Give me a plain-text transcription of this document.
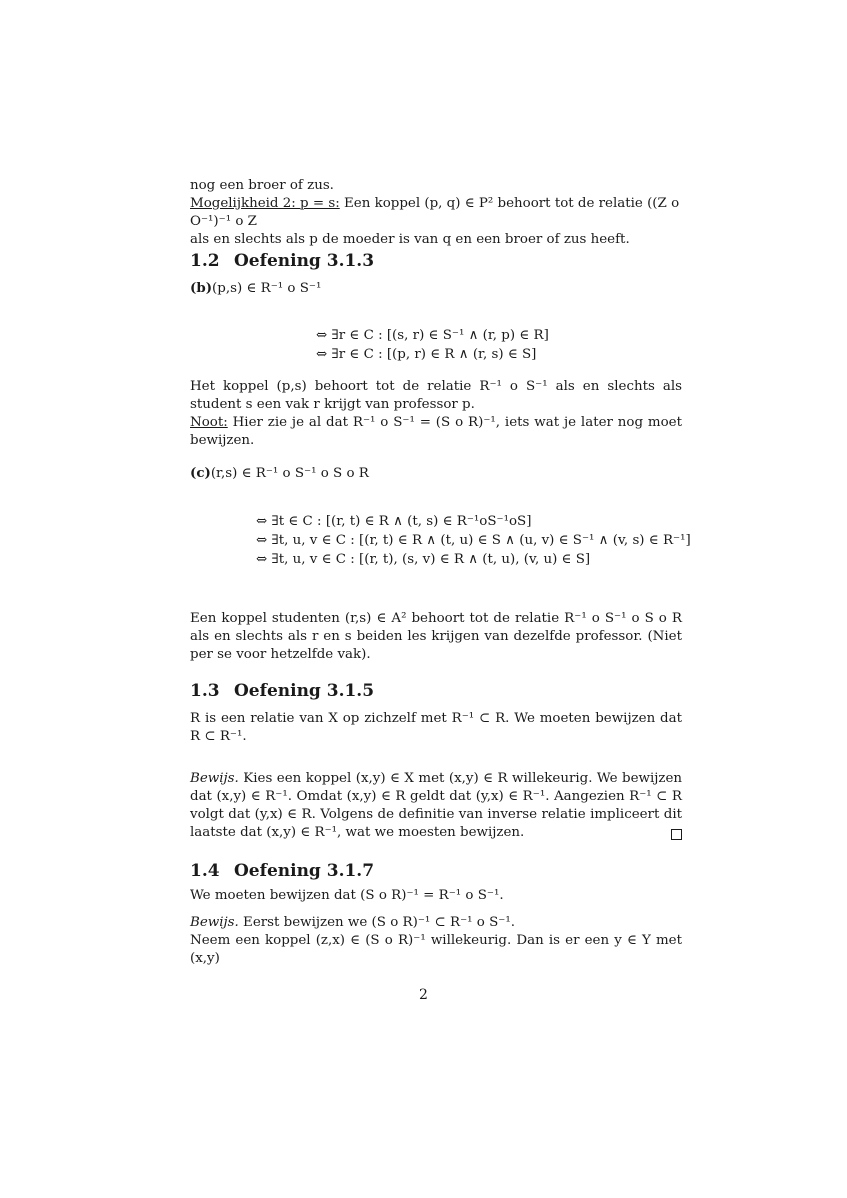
nog een broer of zus.

Mogelijkheid 2: p = s: Een koppel (p, q) ∈ P² behoort tot de relatie ((Z o O⁻¹)⁻¹ o Z

als en slechts als p de moeder is van q en een broer of zus heeft.

1.2 Oefening 3.1.3

(b)(p,s) ∈ R⁻¹ o S⁻¹

⇔ ∃r ∈ C : [(s, r) ∈ S⁻¹ ∧ (r, p) ∈ R]
⇔ ∃r ∈ C : [(p, r) ∈ R ∧ (r, s) ∈ S]

Het koppel (p,s) behoort tot de relatie R⁻¹ o S⁻¹ als en slechts als student s een vak r krijgt van professor p.

Noot: Hier zie je al dat R⁻¹ o S⁻¹ = (S o R)⁻¹, iets wat je later nog moet bewijzen.

(c)(r,s) ∈ R⁻¹ o S⁻¹ o S o R

⇔ ∃t ∈ C : [(r, t) ∈ R ∧ (t, s) ∈ R⁻¹oS⁻¹oS]
⇔ ∃t, u, v ∈ C : [(r, t) ∈ R ∧ (t, u) ∈ S ∧ (u, v) ∈ S⁻¹ ∧ (v, s) ∈ R⁻¹]
⇔ ∃t, u, v ∈ C : [(r, t), (s, v) ∈ R ∧ (t, u), (v, u) ∈ S]

Een koppel studenten (r,s) ∈ A² behoort tot de relatie R⁻¹ o S⁻¹ o S o R als en slechts als r en s beiden les krijgen van dezelfde professor. (Niet per se voor hetzelfde vak).

1.3 Oefening 3.1.5

R is een relatie van X op zichzelf met R⁻¹ ⊂ R. We moeten bewijzen dat R ⊂ R⁻¹.

Bewijs. Kies een koppel (x,y) ∈ X met (x,y) ∈ R willekeurig. We bewijzen dat (x,y) ∈ R⁻¹. Omdat (x,y) ∈ R geldt dat (y,x) ∈ R⁻¹. Aangezien R⁻¹ ⊂ R volgt dat (y,x) ∈ R. Volgens de definitie van inverse relatie impliceert dit laatste dat (x,y) ∈ R⁻¹, wat we moesten bewijzen.

1.4 Oefening 3.1.7

We moeten bewijzen dat (S o R)⁻¹ = R⁻¹ o S⁻¹.

Bewijs. Eerst bewijzen we (S o R)⁻¹ ⊂ R⁻¹ o S⁻¹.

Neem een koppel (z,x) ∈ (S o R)⁻¹ willekeurig. Dan is er een y ∈ Y met (x,y)

2
